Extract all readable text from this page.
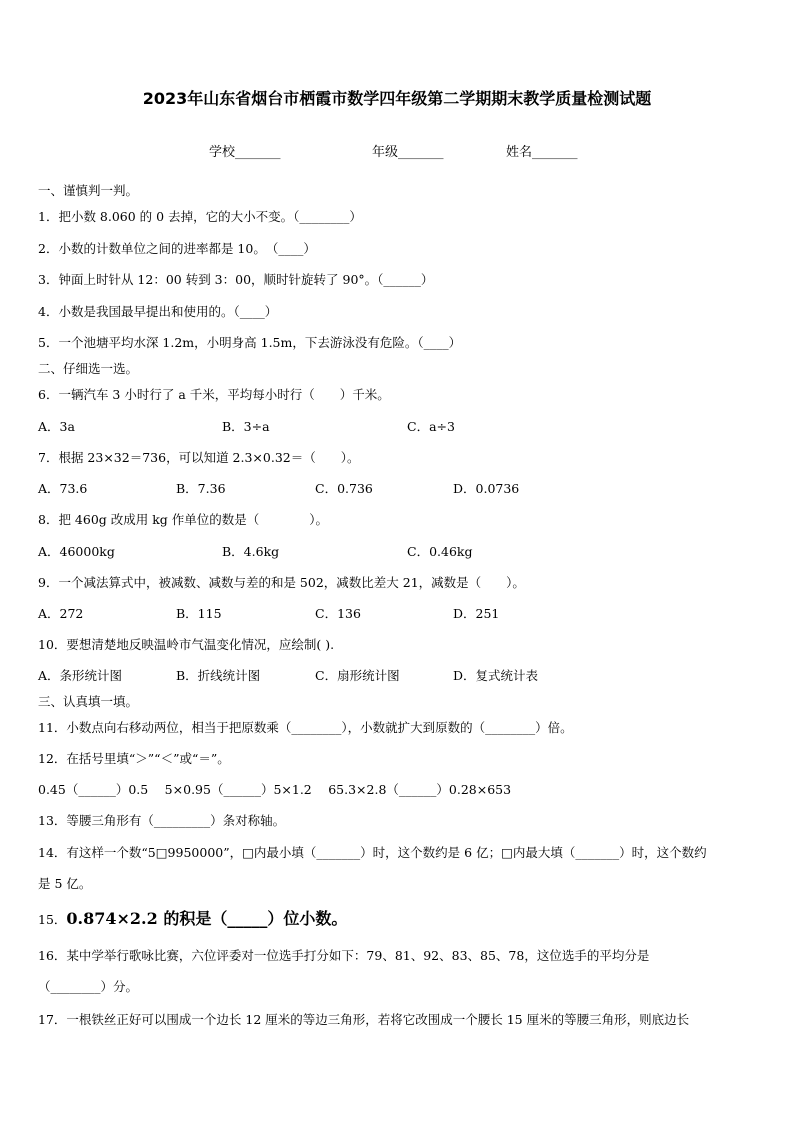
2023年山东省烟台市栖霞市数学四年级第二学期期末教学质量检测试题
学校_______	年级_______	姓名_______
一、谨慎判一判。
1．把小数 8.060 的 0 去掉，它的大小不变。（________）
2．小数的计数单位之间的进率都是 10。　（____）
3．钟面上时针从 12：00 转到 3：00，顺时针旋转了 90°。（______）
4．小数是我国最早提出和使用的。（____）
5．一个池塘平均水深 1.2m，小明身高 1.5m，下去游泳没有危险。（____）
二、仔细选一选。
6．一辆汽车 3 小时行了 a 千米，平均每小时行（　　）千米。
A．3a	B．3÷a	C．a÷3
7．根据 23×32＝736，可以知道 2.3×0.32＝（　　）。
A．73.6	B．7.36	C．0.736	D．0.0736
8．把 460g 改成用 kg 作单位的数是（　　　　）。
A．46000kg	B．4.6kg	C．0.46kg
9．一个减法算式中，被减数、减数与差的和是 502，减数比差大 21，减数是（　　）。
A．272	B．115	C．136	D．251
10．要想清楚地反映温岭市气温变化情况，应绘制( ).
A．条形统计图	B．折线统计图	C．扇形统计图	D．复式统计表
三、认真填一填。
11．小数点向右移动两位，相当于把原数乘（________），小数就扩大到原数的（________）倍。
12．在括号里填“＞”“＜”或“＝”。
0.45（______）0.5　 5×0.95（______）5×1.2　 65.3×2.8（______）0.28×653
13．等腰三角形有（_________）条对称轴。
14．有这样一个数“5□9950000”，□内最小填（_______）时，这个数约是 6 亿；□内最大填（_______）时，这个数约
是 5 亿。
15．0.874×2.2 的积是（_____）位小数。
16．某中学举行歌咏比赛，六位评委对一位选手打分如下：79、81、92、83、85、78，这位选手的平均分是
（________）分。
17．一根铁丝正好可以围成一个边长 12 厘米的等边三角形，若将它改围成一个腰长 15 厘米的等腰三角形，则底边长
